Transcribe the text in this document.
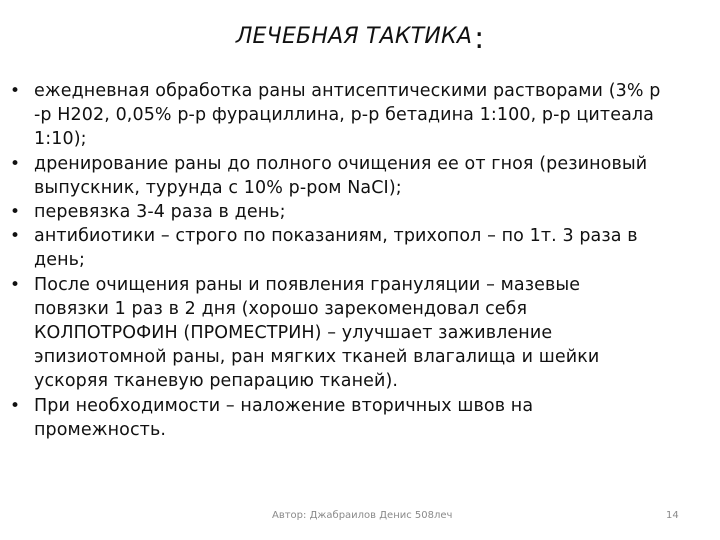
ЛЕЧЕБНАЯ ТАКТИКА:
• ежедневная обработка раны антисептическими растворами (3% р
-р Н202, 0,05% р-р фурациллина, р-р бетадина 1:100, р-р цитеала
1:10);
• дренирование раны до полного очищения ее от гноя (резиновый
выпускник, турунда с 10% р-ром NaCI);
• перевязка 3-4 раза в день;
• антибиотики – строго по показаниям, трихопол – по 1т. 3 раза в
день;
• После очищения раны и появления грануляции – мазевые
повязки 1 раз в 2 дня (хорошо зарекомендовал себя
КОЛПОТРОФИН (ПРОМЕСТРИН) – улучшает заживление
эпизиотомной раны, ран мягких тканей влагалища и шейки
ускоряя тканевую репарацию тканей).
• При необходимости – наложение вторичных швов на
промежность.
Автор: Джабраилов Денис 508леч	14
